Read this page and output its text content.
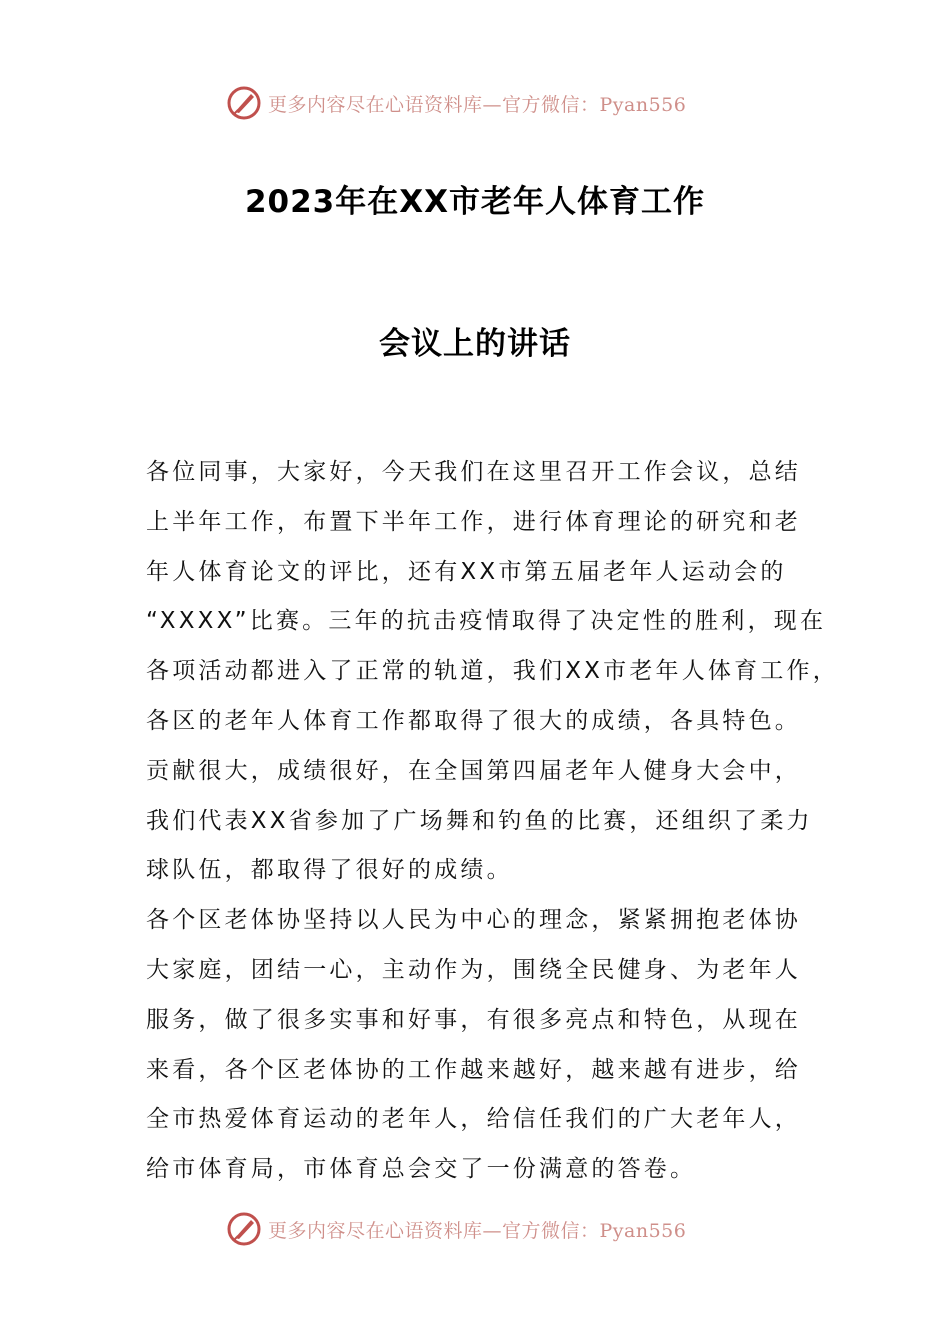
更多内容尽在心语资料库—官方微信：Pyan556
2023年在XX市老年人体育工作
会议上的讲话
各位同事，大家好，今天我们在这里召开工作会议，总结
上半年工作，布置下半年工作，进行体育理论的研究和老
年人体育论文的评比，还有XX市第五届老年人运动会的
“XXXX”比赛。三年的抗击疫情取得了决定性的胜利，现在
各项活动都进入了正常的轨道，我们XX市老年人体育工作，
各区的老年人体育工作都取得了很大的成绩，各具特色。
贡献很大，成绩很好，在全国第四届老年人健身大会中，
我们代表XX省参加了广场舞和钓鱼的比赛，还组织了柔力
球队伍，都取得了很好的成绩。
各个区老体协坚持以人民为中心的理念，紧紧拥抱老体协
大家庭，团结一心，主动作为，围绕全民健身、为老年人
服务，做了很多实事和好事，有很多亮点和特色，从现在
来看，各个区老体协的工作越来越好，越来越有进步，给
全市热爱体育运动的老年人，给信任我们的广大老年人，
给市体育局，市体育总会交了一份满意的答卷。
更多内容尽在心语资料库—官方微信：Pyan556
